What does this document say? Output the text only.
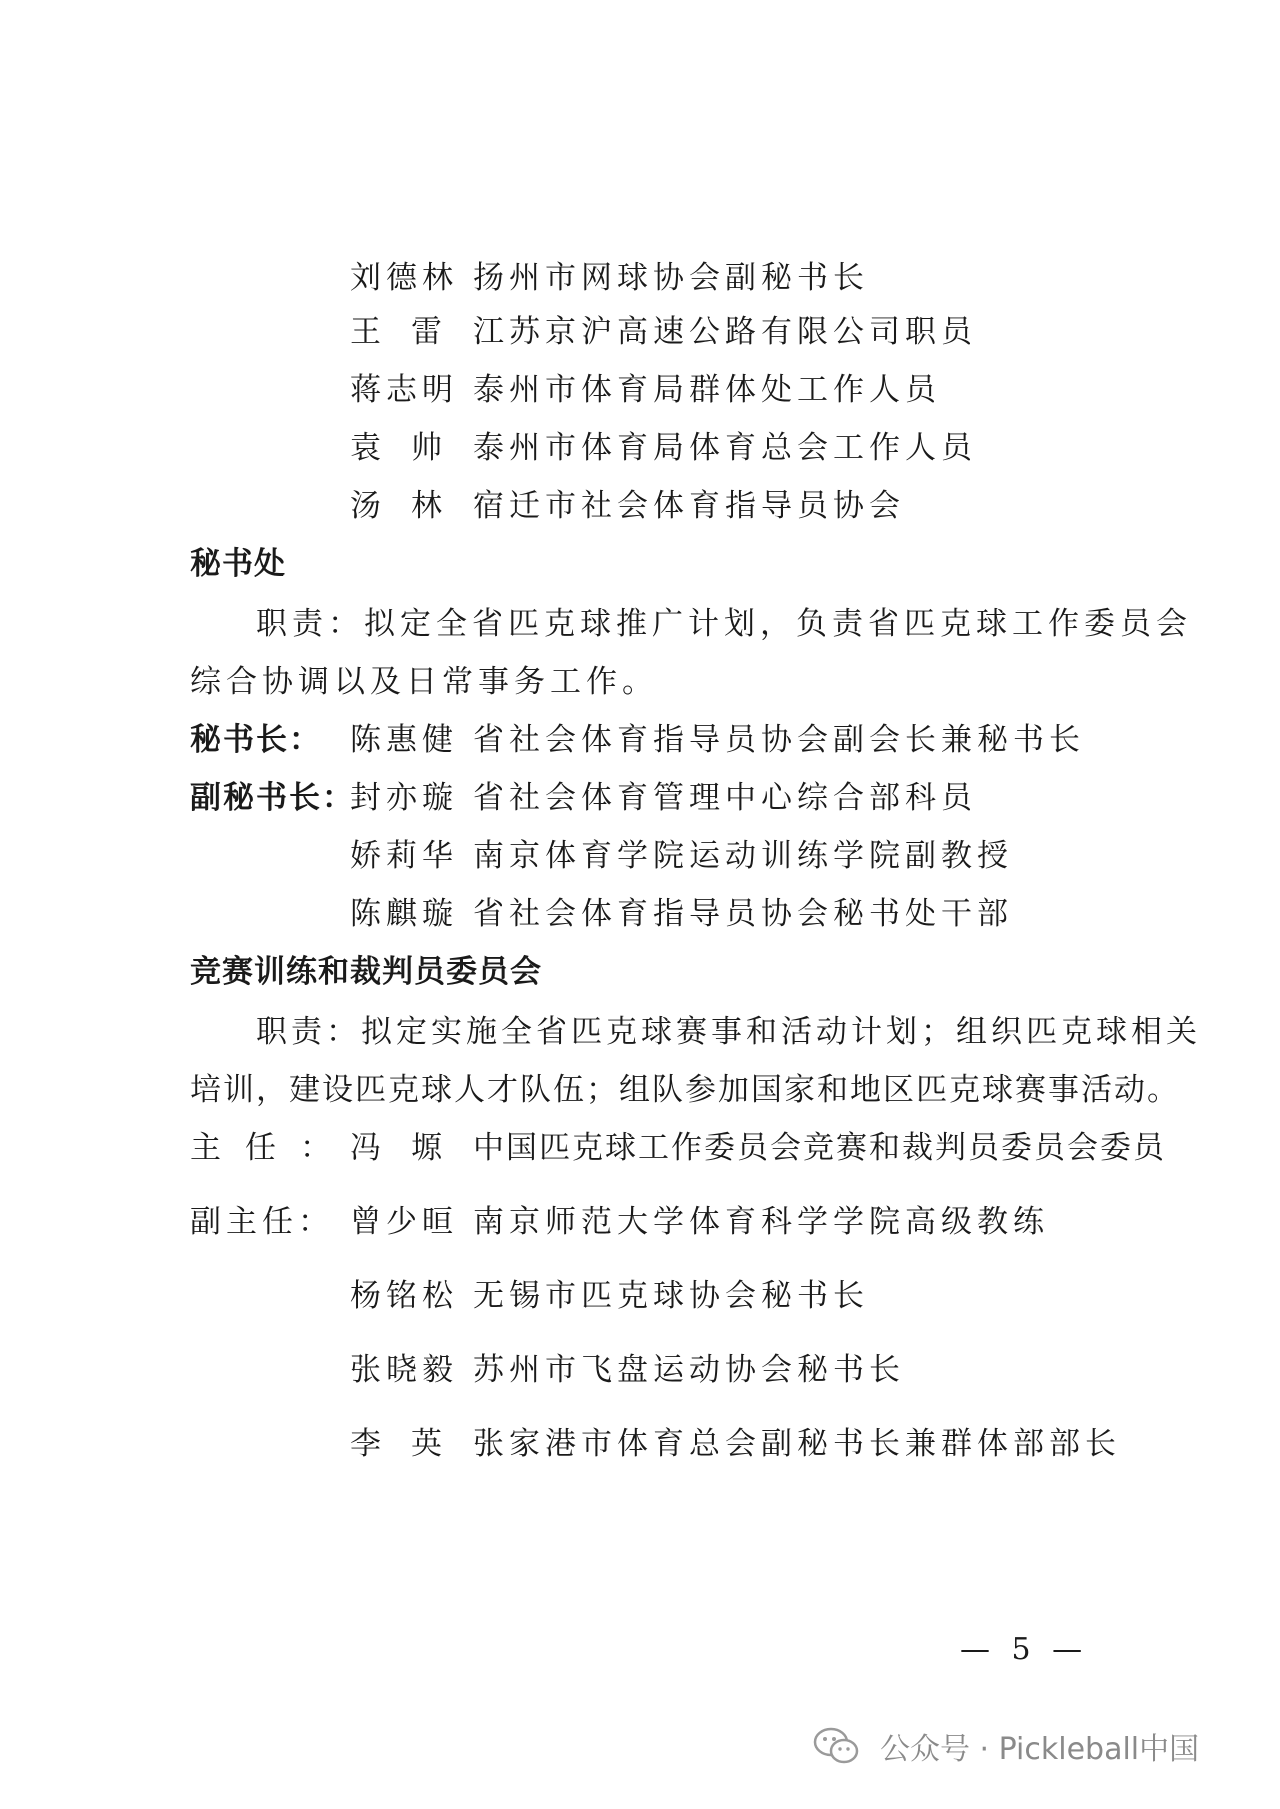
刘德林 扬州市网球协会副秘书长
王雷 江苏京沪高速公路有限公司职员
蒋志明 泰州市体育局群体处工作人员
袁帅 泰州市体育局体育总会工作人员
汤林 宿迁市社会体育指导员协会
秘书处
职责：拟定全省匹克球推广计划，负责省匹克球工作委员会
综合协调以及日常事务工作。
秘书长： 陈惠健 省社会体育指导员协会副会长兼秘书长
副秘书长：
封亦璇 省社会体育管理中心综合部科员
娇莉华 南京体育学院运动训练学院副教授
陈麒璇 省社会体育指导员协会秘书处干部
竞赛训练和裁判员委员会
职责：拟定实施全省匹克球赛事和活动计划；组织匹克球相关
培训，建设匹克球人才队伍；组队参加国家和地区匹克球赛事活动。
主任：
冯塬 中国匹克球工作委员会竞赛和裁判员委员会委员
副主任： 曾少晅 南京师范大学体育科学学院高级教练
杨铭松 无锡市匹克球协会秘书长
张晓毅 苏州市飞盘运动协会秘书长
李英 张家港市体育总会副秘书长兼群体部部长
— 5 —
公众号 · Pickleball中国
